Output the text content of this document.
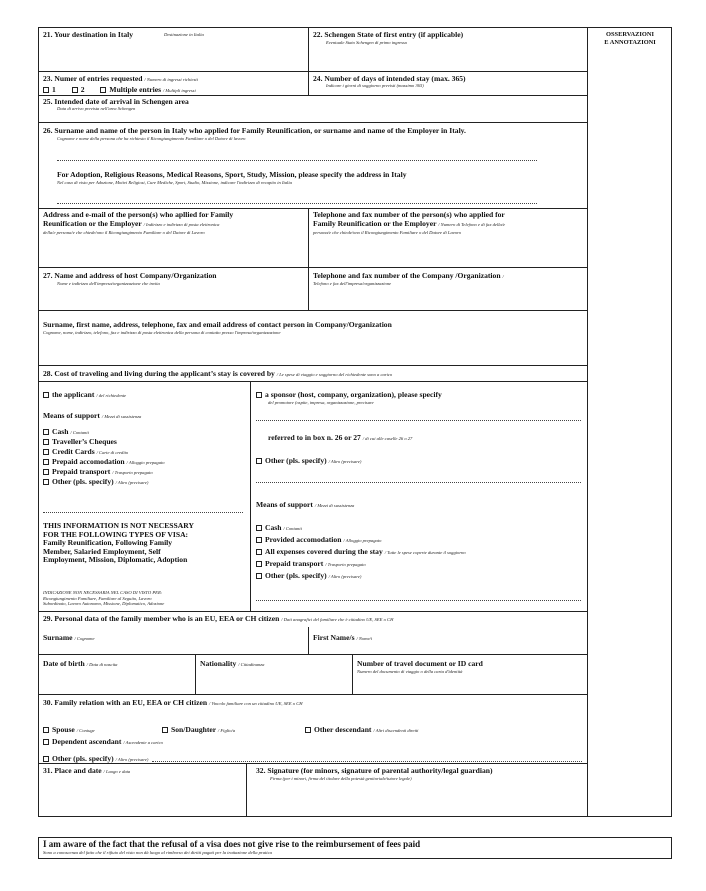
OSSERVAZIONI
E ANNOTAZIONI
21. Your destination in Italy	Destinazione in Italia	22. Schengen State of first entry (if applicable)
Eventuale Stato Schengen di primo ingresso
23. Numer of entries requested / Numero di ingressi richiesti
1	2	Multiple entries / Multipli ingressi
24. Number of days of intended stay (max. 365)
Indicare i giorni di soggiorno previsti (massimo 365)
25. Intended date of arrival in Schengen area
Data di arrivo prevista nell'area Schengen
26. Surname and name of the person in Italy who applied for Family Reunification, or surname and name of the Employer in Italy.
Cognome e nome della persona che ha richiesto il Ricongiungimento Familiare o del Datore di lavoro
For Adoption, Religious Reasons, Medical Reasons, Sport, Study, Mission, please specify the address in Italy
Nel caso di visto per Adozione, Motivi Religiosi, Cure Mediche, Sport, Studio, Missione, indicare l'indirizzo di recapito in Italia
Address and e-mail of the person(s) who apllied for Family
Reunification or the Employer / Indirizzo e indirizzo di posta elettronica
della/e persona/e che chiede/ono il Ricongiungimento Familiare o del Datore di Lavoro
Telephone and fax number of the person(s) who applied for
Family Reunification or the Employer / Numero di Telefono e di fax della/e
persona/e che chiede/ono il Ricongiungimento Familiare o del Datore di Lavoro
27. Name and address of host Company/Organization
Nome e indirizzo dell'impresa/organizzazione che invita
Telephone and fax number of the Company /Organization /
Telefono e fax dell'impresa/organizzazione
Surname, first name, address, telephone, fax and email address of contact person in Company/Organization
Cognome, nome, indirizzo, telefono, fax e indirizzo di posta elettronica della persona di contatto presso l'impresa/organizzazione
28. Cost of traveling and living during the applicant’s stay is covered by / Le spese di viaggio e soggiorno del richiedente sono a carico
the applicant / del richiedente
Means of support / Mezzi di sussistenza
Cash / Contanti
Traveller’s Cheques
Credit Cards / Carte di credito
Prepaid accomodation / Alloggio prepagato
Prepaid transport / Trasporto prepagato
Other (pls. specify) / Altro (precisare)
THIS INFORMATION IS NOT NECESSARY
FOR THE FOLLOWING TYPES OF VISA:
Family Reunification, Following Family
Member, Salaried Employment, Self
Employment, Mission, Diplomatic, Adoption
INDICAZIONE NON NECESSARIA NEL CASO DI VISTO PER:
Ricongiungimento Familiare, Familiare al Seguito, Lavoro
Subordinato, Lavoro Autonomo, Missione, Diplomatico, Adozione
a sponsor (host, company, organization), please specify
del promotore (ospite, impresa, organizzazione, precisare
referred to in box n. 26 or 27 / di cui alle caselle 26 o 27
Other (pls. specify) / Altro (precisare)
Means of support / Mezzi di sussistenza
Cash / Contanti
Provided accomodation / Alloggio prepagato
All expenses covered during the stay / Tutte le spese coperte durante il soggiorno
Prepaid transport / Trasporto prepagato
Other (pls. specify) / Altro (precisare)
29. Personal data of the family member who is an EU, EEA or CH citizen / Dati anagrafici del familiare che è cittadino UE, SEE o CH
Surname / Cognome	First Name/s / Nome/i
Date of birth / Data di nascita	Nationality / Cittadinanza	Number of travel document or ID card
Numero del documento di viaggio o della carta d'identità
30. Family relation with an EU, EEA or CH citizen / Vincolo familiare con un cittadino UE, SEE o CH
Spouse / Coniuge	Son/Daughter / Figlio/a	Other descendant / Altri discendenti diretti
Dependent ascendant / Ascendente a carico
Other (pls. specify) / Altro (precisare)
31. Place and date / Luogo e data	32. Signature (for minors, signature of parental authority/legal guardian)
Firma (per i minori, firma del titolare della potestà genitoriale/tutore legale)
I am aware of the fact that the refusal of a visa does not give rise to the reimbursement of fees paid
Sono a conoscenza del fatto che il rifiuto del visto non dà luogo al rimborso dei diritti pagati per la trattazione della pratica
